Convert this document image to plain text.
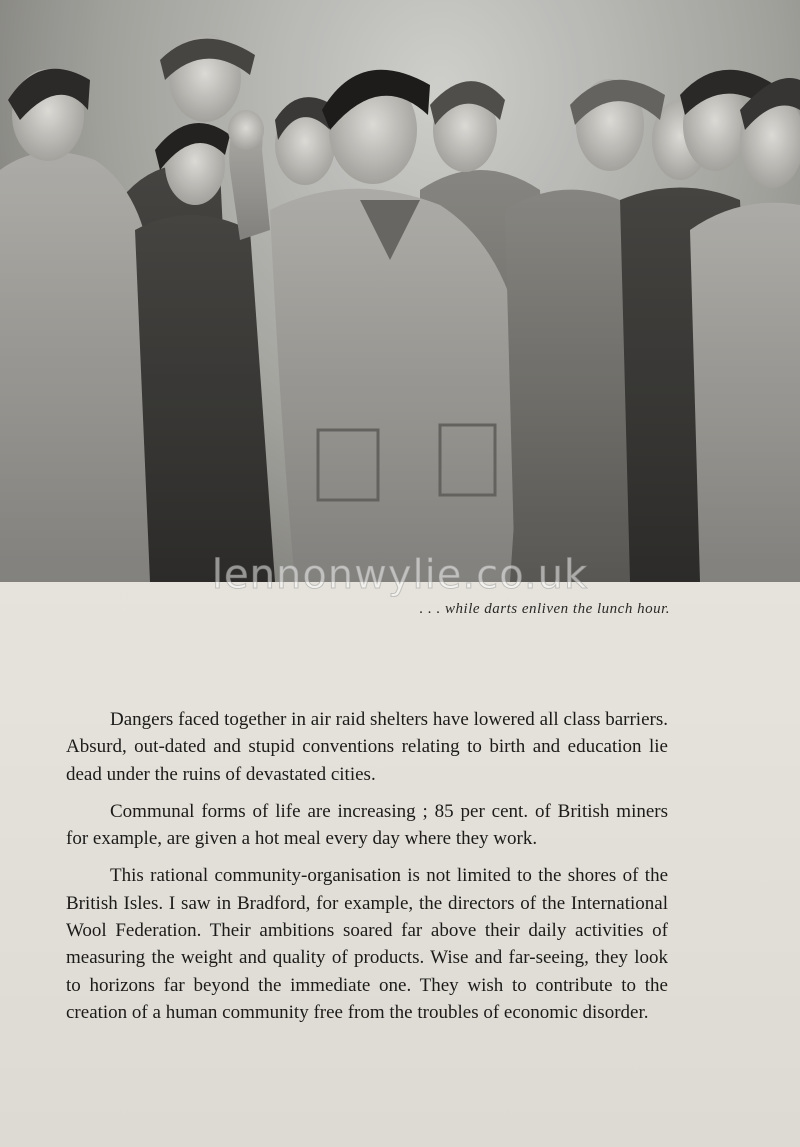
lennonwylie.co.uk
. . . while darts enliven the lunch hour.

Dangers faced together in air raid shelters have lowered all class barriers. Absurd, out-dated and stupid conventions relating to birth and education lie dead under the ruins of devastated cities.

Communal forms of life are increasing ; 85 per cent. of British miners for example, are given a hot meal every day where they work.

This rational community-organisation is not limited to the shores of the British Isles. I saw in Bradford, for example, the directors of the International Wool Federation. Their ambitions soared far above their daily activities of measuring the weight and quality of products. Wise and far-seeing, they look to horizons far beyond the immediate one. They wish to contribute to the creation of a human community free from the troubles of economic disorder.
